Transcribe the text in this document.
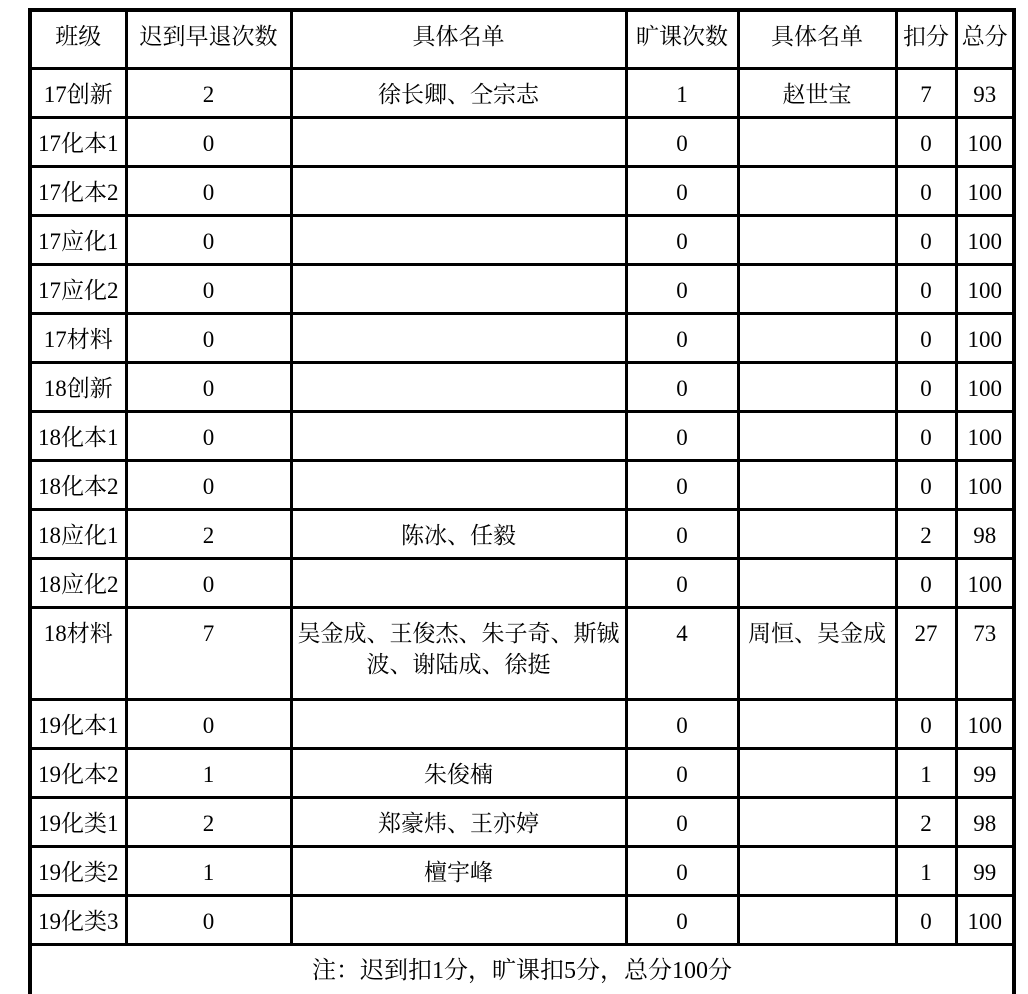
班级	迟到早退次数	具体名单	旷课次数	具体名单	扣分	总分
17创新	2	徐长卿、仝宗志	1	赵世宝	7	93
17化本1	0		0		0	100
17化本2	0		0		0	100
17应化1	0		0		0	100
17应化2	0		0		0	100
17材料	0		0		0	100
18创新	0		0		0	100
18化本1	0		0		0	100
18化本2	0		0		0	100
18应化1	2	陈冰、任毅	0		2	98
18应化2	0		0		0	100
18材料	7	吴金成、王俊杰、朱子奇、斯铖波、谢陆成、徐挺	4	周恒、吴金成	27	73
19化本1	0		0		0	100
19化本2	1	朱俊楠	0		1	99
19化类1	2	郑豪炜、王亦婷	0		2	98
19化类2	1	檀宇峰	0		1	99
19化类3	0		0		0	100
注：迟到扣1分，旷课扣5分，总分100分						
